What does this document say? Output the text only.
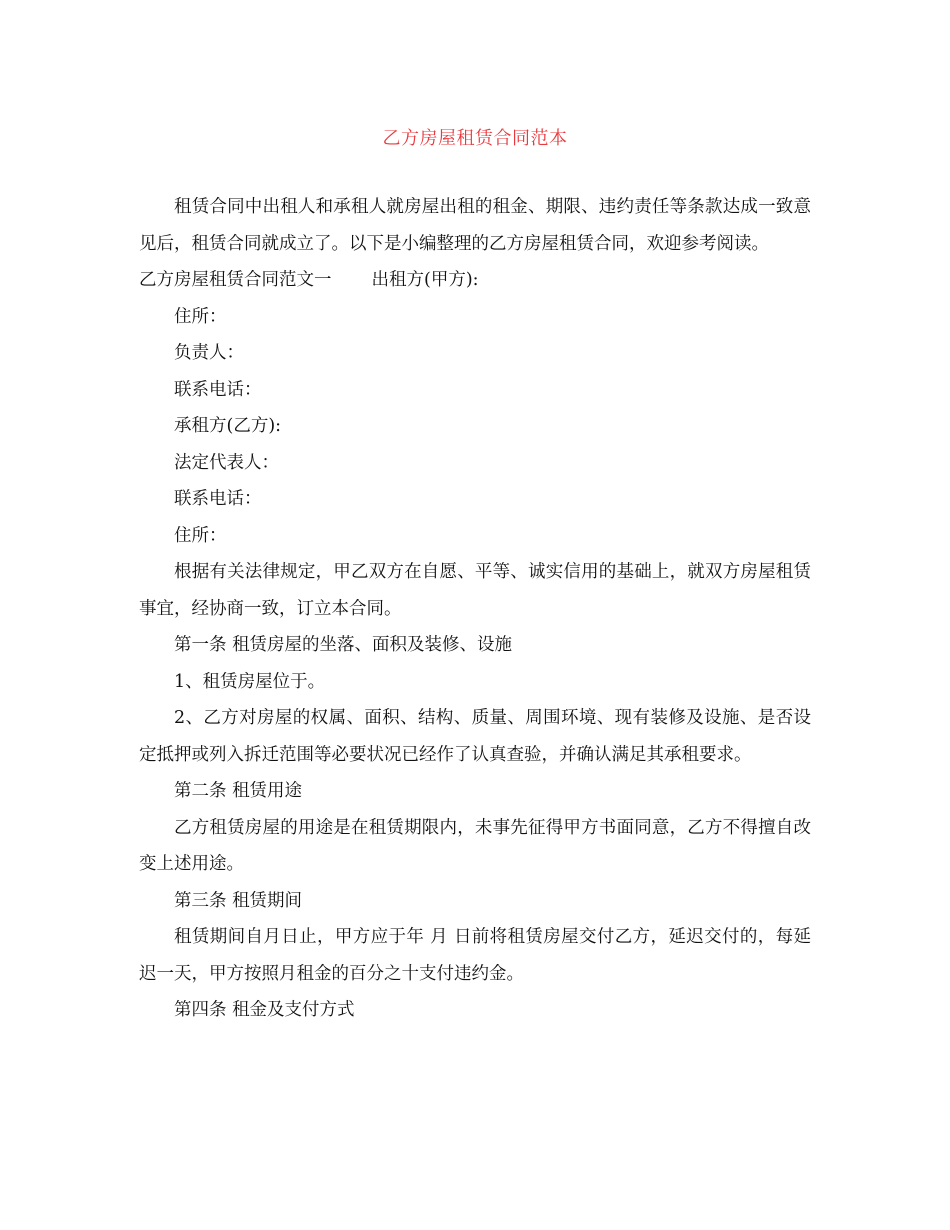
乙方房屋租赁合同范本

租赁合同中出租人和承租人就房屋出租的租金、期限、违约责任等条款达成一致意见后，租赁合同就成立了。以下是小编整理的乙方房屋租赁合同，欢迎参考阅读。

乙方房屋租赁合同范文一 出租方(甲方):

住所：

负责人：

联系电话：

承租方(乙方):

法定代表人：

联系电话：

住所：

根据有关法律规定，甲乙双方在自愿、平等、诚实信用的基础上，就双方房屋租赁事宜，经协商一致，订立本合同。

第一条 租赁房屋的坐落、面积及装修、设施

1、租赁房屋位于。

2、乙方对房屋的权属、面积、结构、质量、周围环境、现有装修及设施、是否设定抵押或列入拆迁范围等必要状况已经作了认真查验，并确认满足其承租要求。

第二条 租赁用途

乙方租赁房屋的用途是在租赁期限内，未事先征得甲方书面同意，乙方不得擅自改变上述用途。

第三条 租赁期间

租赁期间自月日止，甲方应于年 月 日前将租赁房屋交付乙方，延迟交付的，每延迟一天，甲方按照月租金的百分之十支付违约金。

第四条 租金及支付方式
